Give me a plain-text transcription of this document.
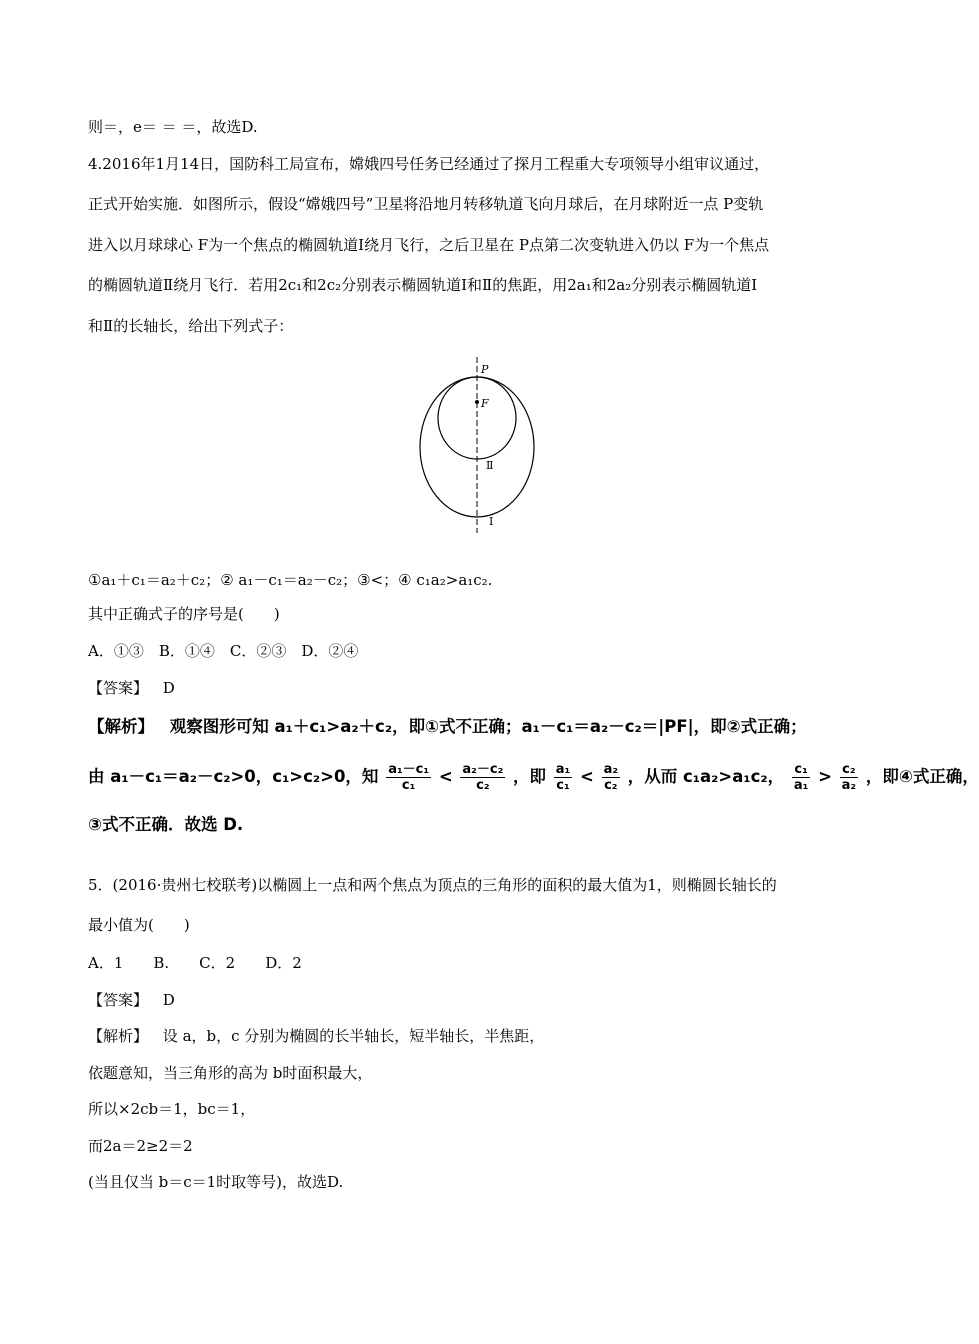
则＝，e＝ ＝ ＝，故选D.
4.2016年1月14日，国防科工局宣布，嫦娥四号任务已经通过了探月工程重大专项领导小组审议通过，
正式开始实施．如图所示，假设“嫦娥四号”卫星将沿地月转移轨道飞向月球后，在月球附近一点 P变轨
进入以月球球心 F为一个焦点的椭圆轨道Ⅰ绕月飞行，之后卫星在 P点第二次变轨进入仍以 F为一个焦点
的椭圆轨道Ⅱ绕月飞行．若用2c₁和2c₂分别表示椭圆轨道Ⅰ和Ⅱ的焦距，用2a₁和2a₂分别表示椭圆轨道Ⅰ
和Ⅱ的长轴长，给出下列式子：
P
F
Ⅱ
Ⅰ
①a₁＋c₁＝a₂＋c₂；② a₁－c₁＝a₂－c₂；③<；④ c₁a₂>a₁c₂.
其中正确式子的序号是(　　)
A．①③　B．①④　C．②③　D．②④
【答案】 D
【解析】 观察图形可知 a₁＋c₁>a₂＋c₂，即①式不正确；a₁－c₁＝a₂－c₂＝|PF|，即②式正确；
由 a₁－c₁＝a₂－c₂>0，c₁>c₂>0，知 $\frac{\text{a₁－c₁}}{\text{c₁}} < \frac{\text{a₂－c₂}}{\text{c₂}}$ ，即 $\frac{\text{a₁}}{\text{c₁}} < \frac{\text{a₂}}{\text{c₂}}$ ，从而 c₁a₂>a₁c₂， $\frac{\text{c₁}}{\text{a₁}} > \frac{\text{c₂}}{\text{a₂}}$ ，即④式正确，
③式不正确．故选 D.
5．(2016·贵州七校联考)以椭圆上一点和两个焦点为顶点的三角形的面积的最大值为1，则椭圆长轴长的
最小值为(　　)
A．1　　B.　　C．2　　D．2
【答案】 D
【解析】 设 a，b，c 分别为椭圆的长半轴长，短半轴长，半焦距，
依题意知，当三角形的高为 b时面积最大，
所以×2cb＝1，bc＝1，
而2a＝2≥2＝2
(当且仅当 b＝c＝1时取等号)，故选D.
